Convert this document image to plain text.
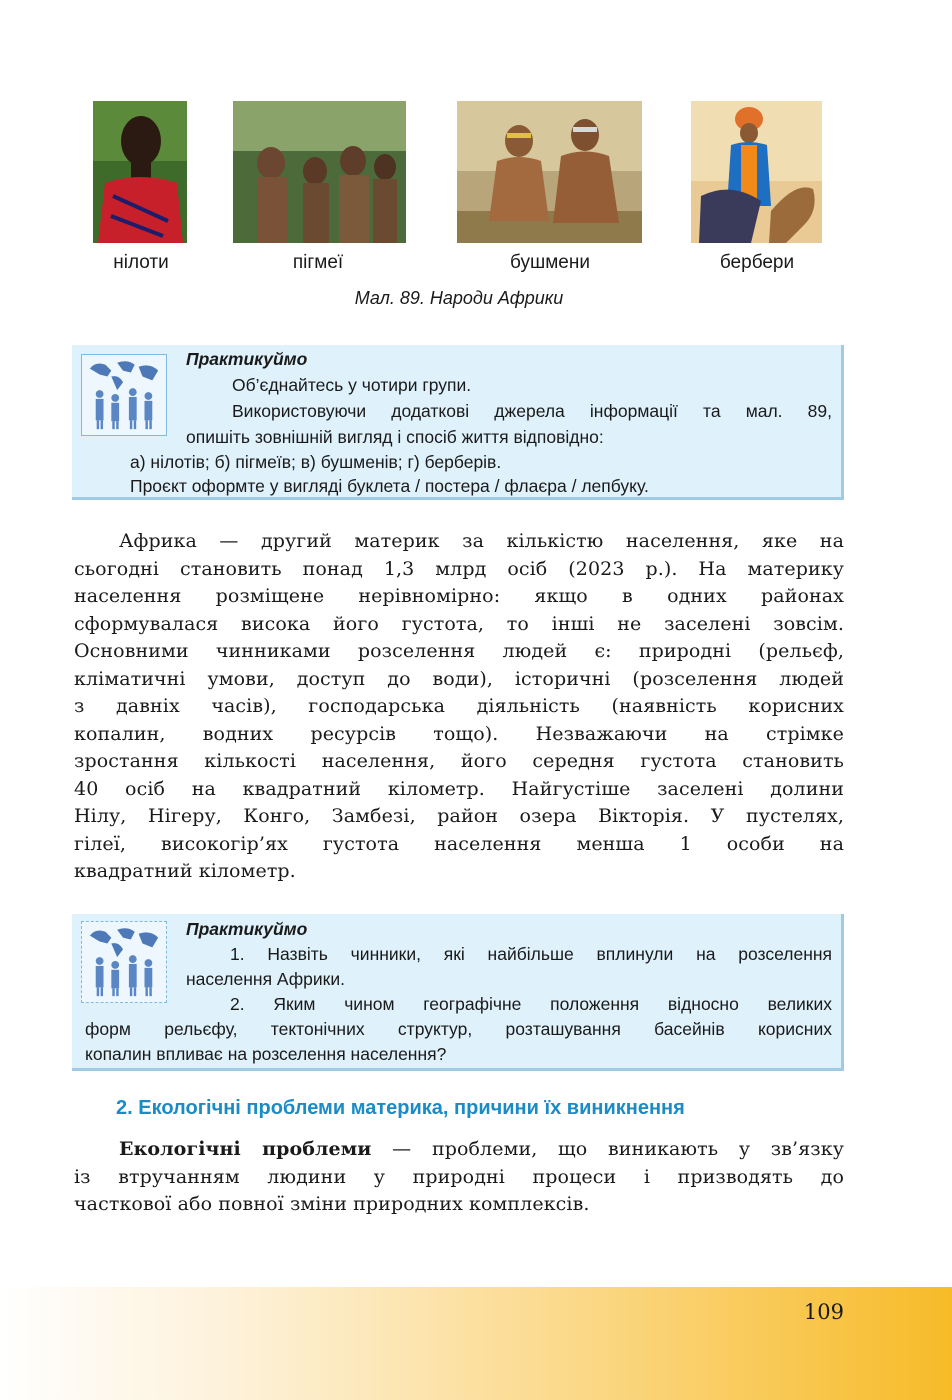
нілоти	пігмеї	бушмени	бербери
Мал. 89. Народи Африки
Практикуймо
Об’єднайтесь у чотири групи.
Використовуючи додаткові джерела інформації та мал. 89,
опишіть зовнішній вигляд і спосіб життя відповідно:
а) нілотів; б) пігмеїв; в) бушменів; г) берберів.
Проєкт оформте у вигляді буклета / постера / флаєра / лепбуку.
Африка — другий материк за кількістю населення, яке на
сьогодні становить понад 1,3 млрд осіб (2023 р.). На материку
населення розміщене нерівномірно: якщо в одних районах
сформувалася висока його густота, то інші не заселені зовсім.
Основними чинниками розселення людей є: природні (рельєф,
кліматичні умови, доступ до води), історичні (розселення людей
з давніх часів), господарська діяльність (наявність корисних
копалин, водних ресурсів тощо). Незважаючи на стрімке
зростання кількості населення, його середня густота становить
40 осіб на квадратний кілометр. Найгустіше заселені долини
Нілу, Нігеру, Конго, Замбезі, район озера Вікторія. У пустелях,
гілеї, високогір’ях густота населення менша 1 особи на
квадратний кілометр.
Практикуймо
1. Назвіть чинники, які найбільше вплинули на розселення
населення Африки.
2. Яким чином географічне положення відносно великих
форм рельєфу, тектонічних структур, розташування басейнів корисних
копалин впливає на розселення населення?
2. Екологічні проблеми материка, причини їх виникнення
Екологічні проблеми — проблеми, що виникають у зв’язку
із втручанням людини у природні процеси і призводять до
часткової або повної зміни природних комплексів.
109
